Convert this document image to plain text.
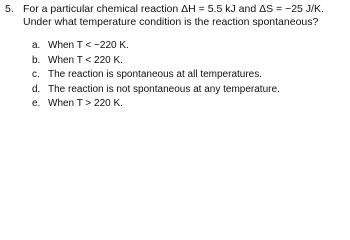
5. For a particular chemical reaction ΔH = 5.5 kJ and ΔS = −25 J/K.
Under what temperature condition is the reaction spontaneous?
a. When T < −220 K.
b. When T < 220 K.
c. The reaction is spontaneous at all temperatures.
d. The reaction is not spontaneous at any temperature.
e. When T > 220 K.
